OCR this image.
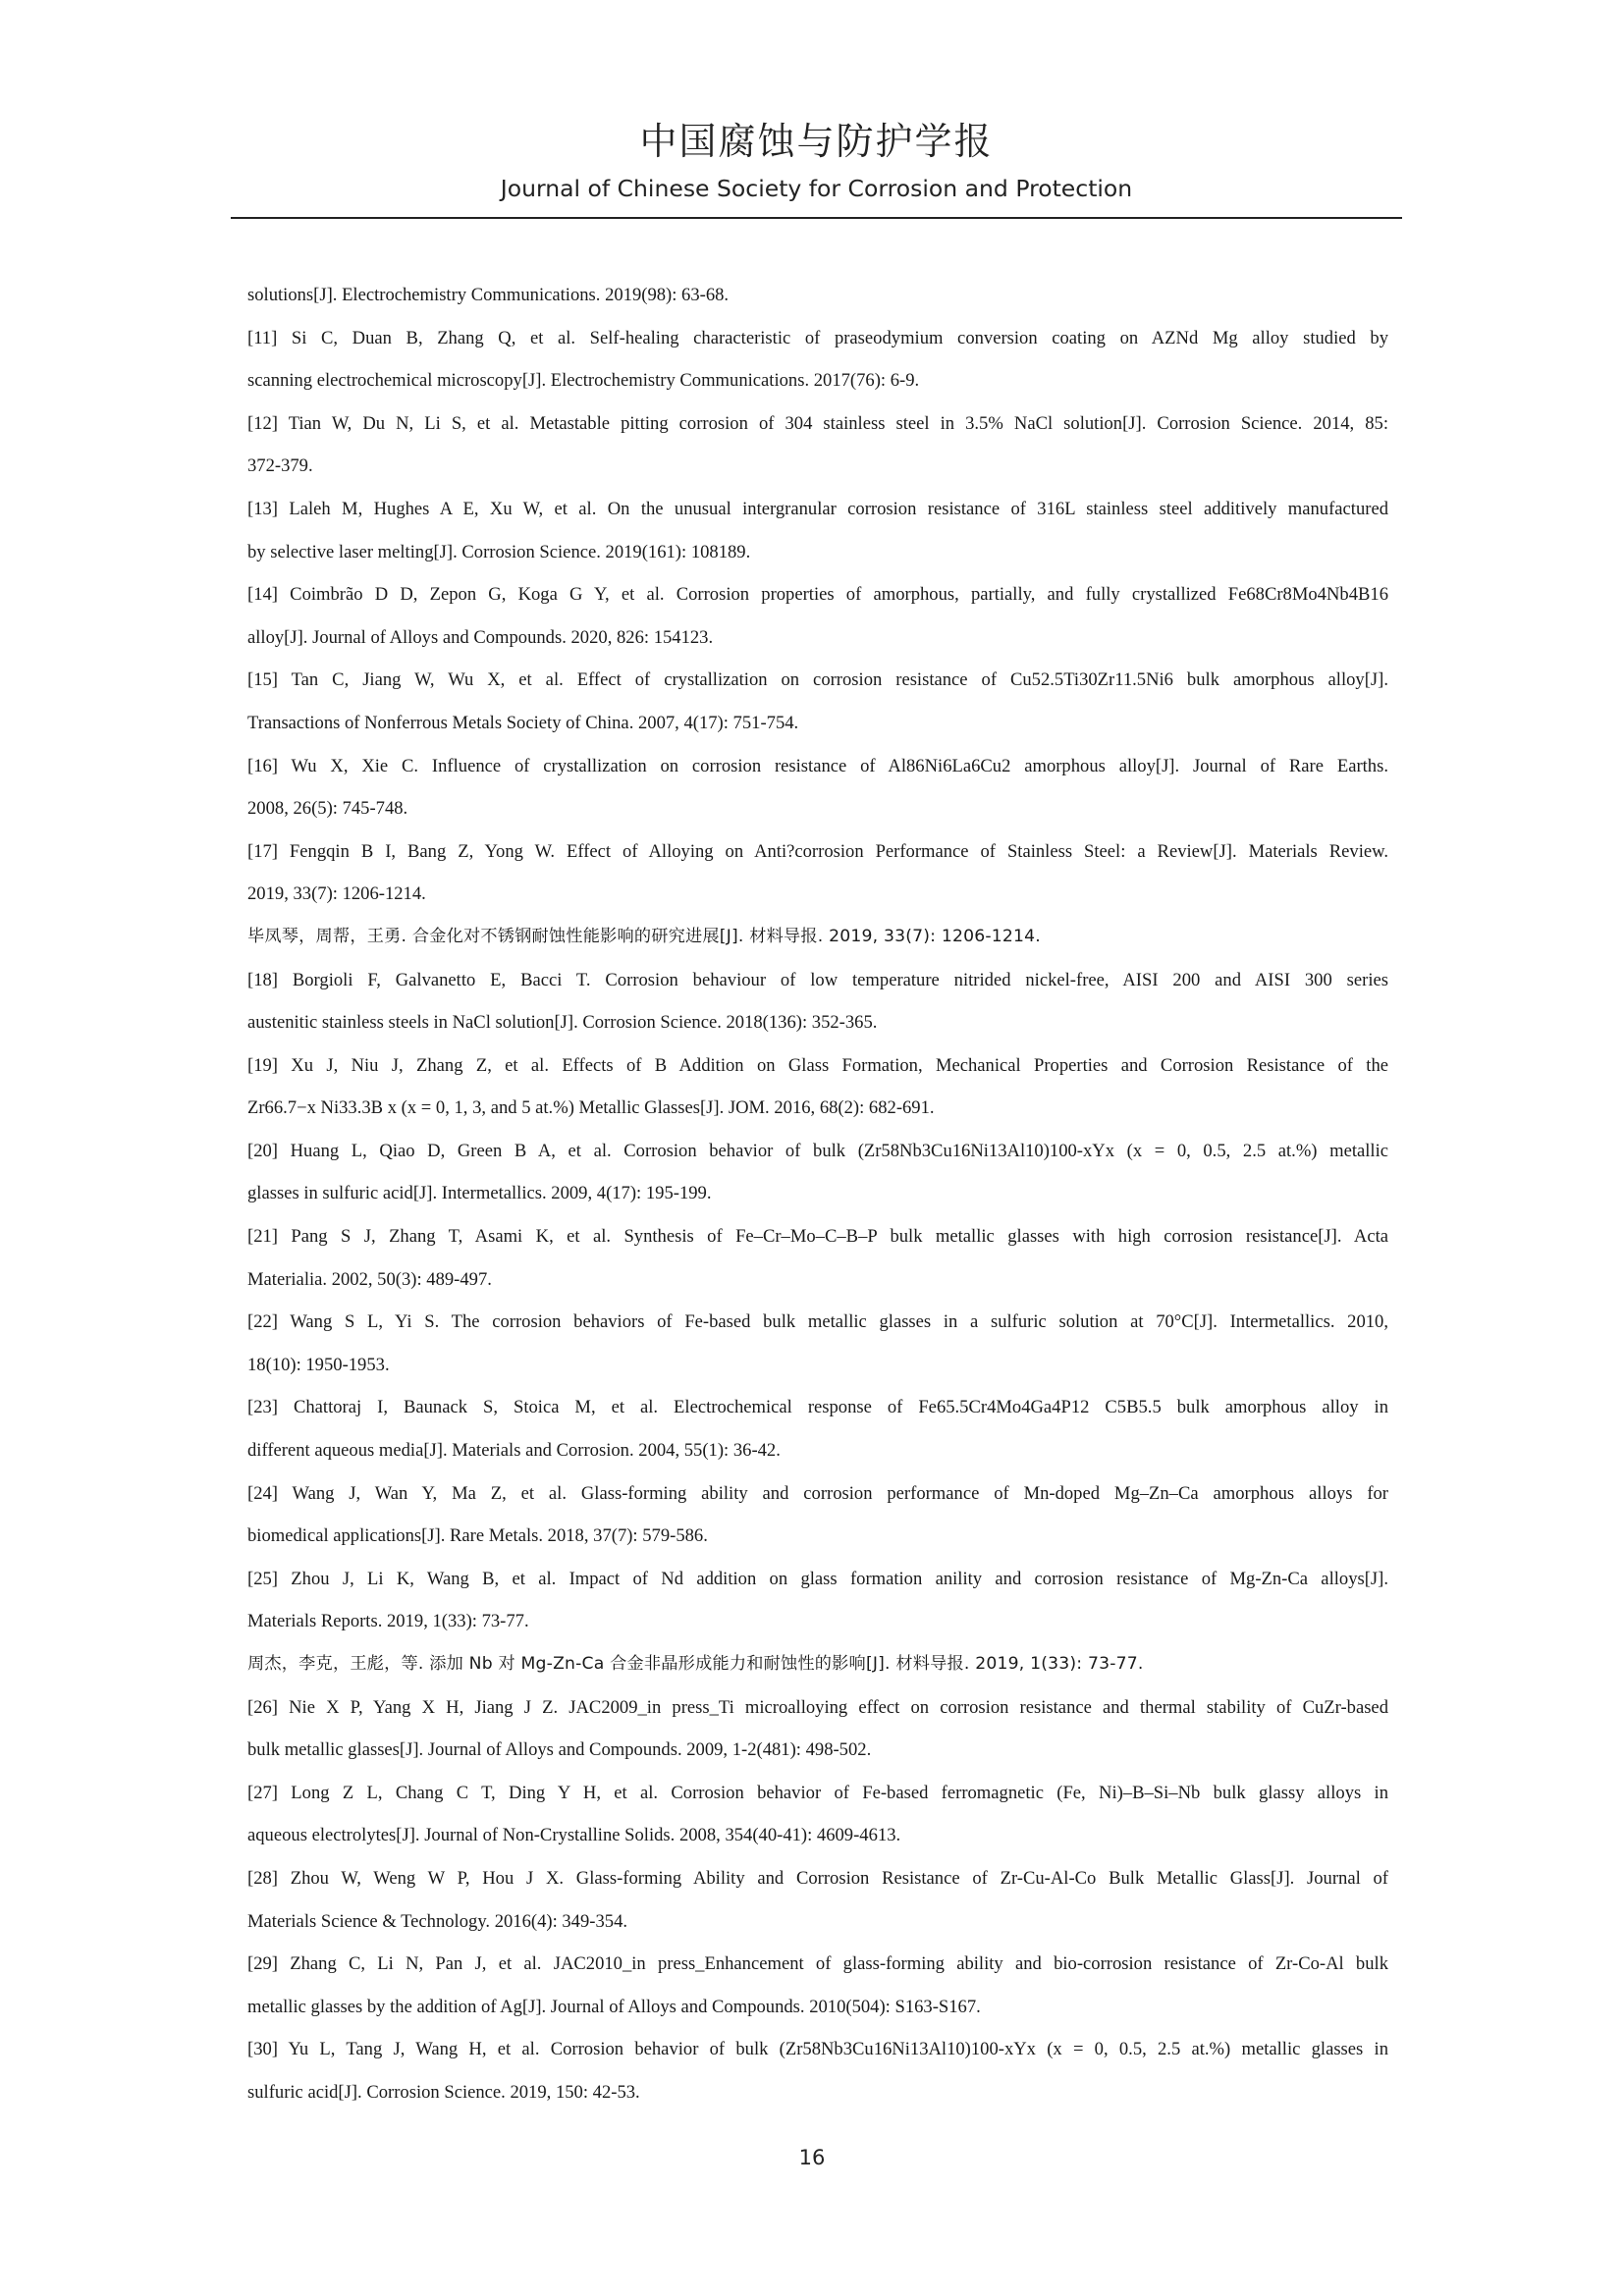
中国腐蚀与防护学报
Journal of Chinese Society for Corrosion and Protection
solutions[J]. Electrochemistry Communications. 2019(98): 63-68.
[11] Si C, Duan B, Zhang Q, et al. Self-healing characteristic of praseodymium conversion coating on AZNd Mg alloy studied by
scanning electrochemical microscopy[J]. Electrochemistry Communications. 2017(76): 6-9.
[12] Tian W, Du N, Li S, et al. Metastable pitting corrosion of 304 stainless steel in 3.5% NaCl solution[J]. Corrosion Science. 2014, 85:
372-379.
[13] Laleh M, Hughes A E, Xu W, et al. On the unusual intergranular corrosion resistance of 316L stainless steel additively manufactured
by selective laser melting[J]. Corrosion Science. 2019(161): 108189.
[14] Coimbrão D D, Zepon G, Koga G Y, et al. Corrosion properties of amorphous, partially, and fully crystallized Fe68Cr8Mo4Nb4B16
alloy[J]. Journal of Alloys and Compounds. 2020, 826: 154123.
[15] Tan C, Jiang W, Wu X, et al. Effect of crystallization on corrosion resistance of Cu52.5Ti30Zr11.5Ni6 bulk amorphous alloy[J].
Transactions of Nonferrous Metals Society of China. 2007, 4(17): 751-754.
[16] Wu X, Xie C. Influence of crystallization on corrosion resistance of Al86Ni6La6Cu2 amorphous alloy[J]. Journal of Rare Earths.
2008, 26(5): 745-748.
[17] Fengqin B I, Bang Z, Yong W. Effect of Alloying on Anti?corrosion Performance of Stainless Steel: a Review[J]. Materials Review.
2019, 33(7): 1206-1214.
毕凤琴，周帮，王勇. 合金化对不锈钢耐蚀性能影响的研究进展[J]. 材料导报. 2019, 33(7): 1206-1214.
[18] Borgioli F, Galvanetto E, Bacci T. Corrosion behaviour of low temperature nitrided nickel-free, AISI 200 and AISI 300 series
austenitic stainless steels in NaCl solution[J]. Corrosion Science. 2018(136): 352-365.
[19] Xu J, Niu J, Zhang Z, et al. Effects of B Addition on Glass Formation, Mechanical Properties and Corrosion Resistance of the
Zr66.7−x Ni33.3B x (x = 0, 1, 3, and 5 at.%) Metallic Glasses[J]. JOM. 2016, 68(2): 682-691.
[20] Huang L, Qiao D, Green B A, et al. Corrosion behavior of bulk (Zr58Nb3Cu16Ni13Al10)100-xYx (x = 0, 0.5, 2.5 at.%) metallic
glasses in sulfuric acid[J]. Intermetallics. 2009, 4(17): 195-199.
[21] Pang S J, Zhang T, Asami K, et al. Synthesis of Fe–Cr–Mo–C–B–P bulk metallic glasses with high corrosion resistance[J]. Acta
Materialia. 2002, 50(3): 489-497.
[22] Wang S L, Yi S. The corrosion behaviors of Fe-based bulk metallic glasses in a sulfuric solution at 70°C[J]. Intermetallics. 2010,
18(10): 1950-1953.
[23] Chattoraj I, Baunack S, Stoica M, et al. Electrochemical response of Fe65.5Cr4Mo4Ga4P12 C5B5.5 bulk amorphous alloy in
different aqueous media[J]. Materials and Corrosion. 2004, 55(1): 36-42.
[24] Wang J, Wan Y, Ma Z, et al. Glass-forming ability and corrosion performance of Mn-doped Mg–Zn–Ca amorphous alloys for
biomedical applications[J]. Rare Metals. 2018, 37(7): 579-586.
[25] Zhou J, Li K, Wang B, et al. Impact of Nd addition on glass formation anility and corrosion resistance of Mg-Zn-Ca alloys[J].
Materials Reports. 2019, 1(33): 73-77.
周杰，李克，王彪，等. 添加 Nb 对 Mg-Zn-Ca 合金非晶形成能力和耐蚀性的影响[J]. 材料导报. 2019, 1(33): 73-77.
[26] Nie X P, Yang X H, Jiang J Z. JAC2009_in press_Ti microalloying effect on corrosion resistance and thermal stability of CuZr-based
bulk metallic glasses[J]. Journal of Alloys and Compounds. 2009, 1-2(481): 498-502.
[27] Long Z L, Chang C T, Ding Y H, et al. Corrosion behavior of Fe-based ferromagnetic (Fe, Ni)–B–Si–Nb bulk glassy alloys in
aqueous electrolytes[J]. Journal of Non-Crystalline Solids. 2008, 354(40-41): 4609-4613.
[28] Zhou W, Weng W P, Hou J X. Glass-forming Ability and Corrosion Resistance of Zr-Cu-Al-Co Bulk Metallic Glass[J]. Journal of
Materials Science & Technology. 2016(4): 349-354.
[29] Zhang C, Li N, Pan J, et al. JAC2010_in press_Enhancement of glass-forming ability and bio-corrosion resistance of Zr-Co-Al bulk
metallic glasses by the addition of Ag[J]. Journal of Alloys and Compounds. 2010(504): S163-S167.
[30] Yu L, Tang J, Wang H, et al. Corrosion behavior of bulk (Zr58Nb3Cu16Ni13Al10)100-xYx (x = 0, 0.5, 2.5 at.%) metallic glasses in
sulfuric acid[J]. Corrosion Science. 2019, 150: 42-53.
16
